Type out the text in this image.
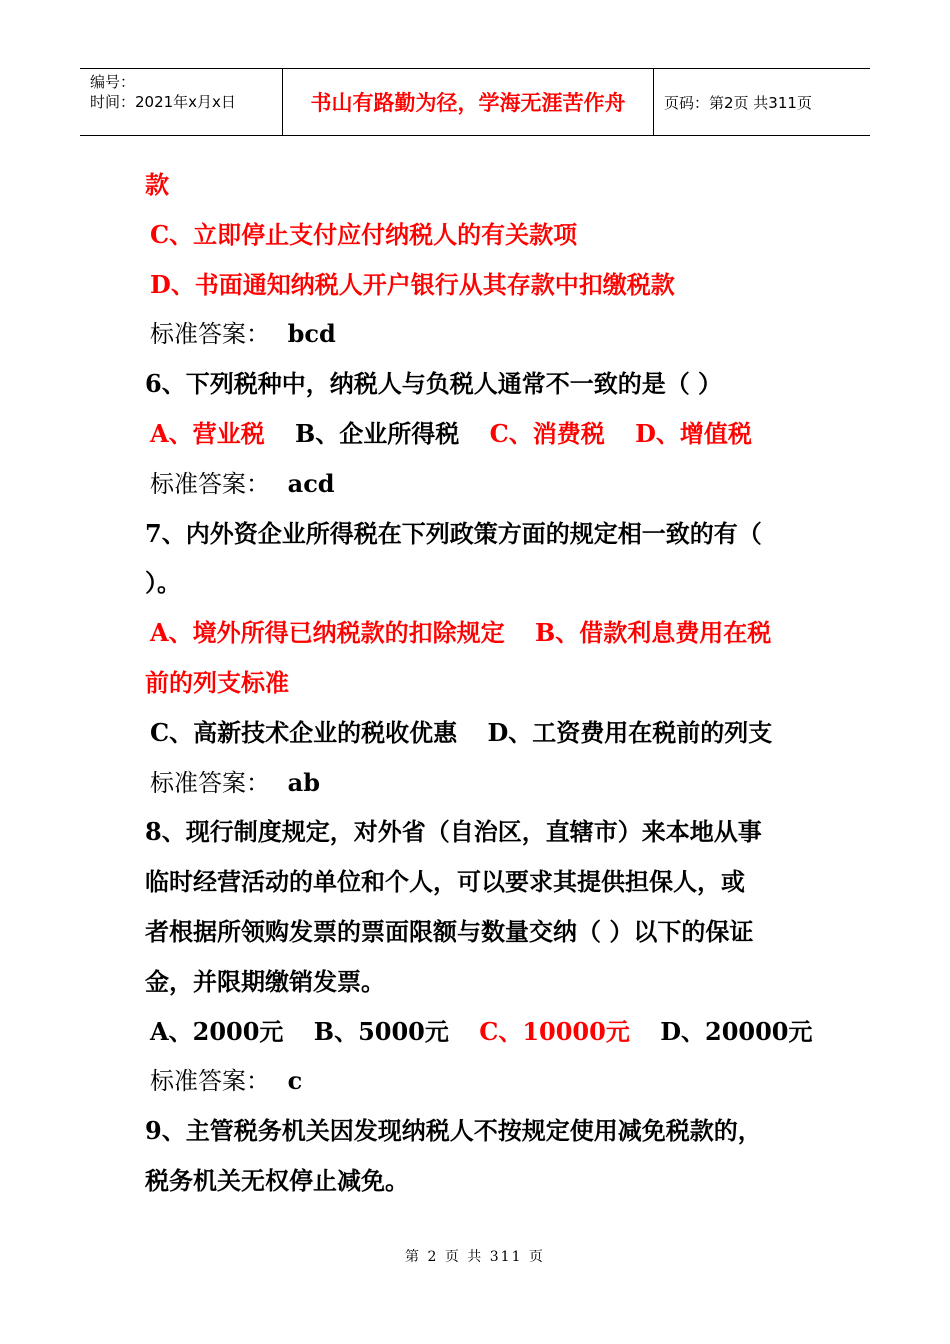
编号：
时间：2021年x月x日	书山有路勤为径，学海无涯苦作舟	页码：第2页 共311页
款
C、立即停止支付应付纳税人的有关款项
D、书面通知纳税人开户银行从其存款中扣缴税款
标准答案： bcd
6、下列税种中，纳税人与负税人通常不一致的是（ ）
A、营业税 B、企业所得税 C、消费税 D、增值税
标准答案： acd
7、内外资企业所得税在下列政策方面的规定相一致的有（
）。
A、境外所得已纳税款的扣除规定 B、借款利息费用在税
前的列支标准
C、高新技术企业的税收优惠 D、工资费用在税前的列支
标准答案： ab
8、现行制度规定，对外省（自治区，直辖市）来本地从事
临时经营活动的单位和个人，可以要求其提供担保人，或
者根据所领购发票的票面限额与数量交纳（ ）以下的保证
金，并限期缴销发票。
A、2000元 B、5000元 C、10000元 D、20000元
标准答案： c
9、主管税务机关因发现纳税人不按规定使用减免税款的，
税务机关无权停止减免。
第 2 页 共 311 页
